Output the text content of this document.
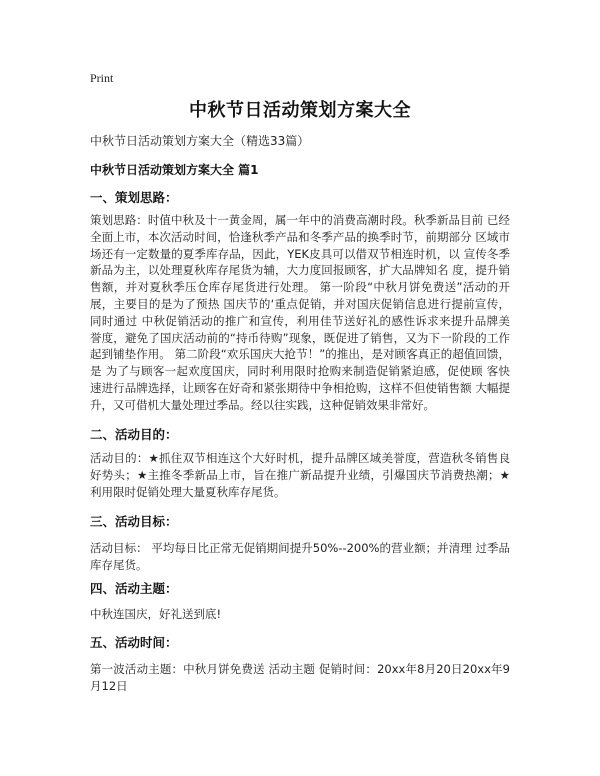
Print
中秋节日活动策划方案大全
中秋节日活动策划方案大全（精选33篇）
中秋节日活动策划方案大全 篇1
一、策划思路：
策划思路：时值中秋及十一黄金周，属一年中的消费高潮时段。秋季新品目前 已经全面上市，本次活动时间，恰逢秋季产品和冬季产品的换季时节，前期部分 区域市场还有一定数量的夏季库存品，因此，YEK皮具可以借双节相连时机，以 宣传冬季新品为主，以处理夏秋库存尾货为辅，大力度回报顾客，扩大品牌知名 度，提升销售额，并对夏秋季压仓库存尾货进行处理。 第一阶段“中秋月饼免费送”活动的开展，主要目的是为了预热 国庆节的‘重点促销，并对国庆促销信息进行提前宣传，同时通过 中秋促销活动的推广和宣传，利用佳节送好礼的感性诉求来提升品牌美 誉度，避免了国庆活动前的“持币待购”现象，既促进了销售，又为下一阶段的工作起到铺垫作用。 第二阶段“欢乐国庆大抢节！”的推出，是对顾客真正的超值回馈，是 为了与顾客一起欢度国庆，同时利用限时抢购来制造促销紧迫感，促使顾 客快速进行品牌选择，让顾客在好奇和紧张期待中争相抢购，这样不但使销售额 大幅提升，又可借机大量处理过季品。经以往实践，这种促销效果非常好。
二、活动目的：
活动目的：★抓住双节相连这个大好时机，提升品牌区域美誉度，营造秋冬销售良好势头；★主推冬季新品上市，旨在推广新品提升业绩，引爆国庆节消费热潮；★利用限时促销处理大量夏秋库存尾货。
三、活动目标：
活动目标： 平均每日比正常无促销期间提升50%--200%的营业额；并清理 过季品库存尾货。
四、活动主题：
中秋连国庆，好礼送到底!
五、活动时间：
第一波活动主题：中秋月饼免费送 活动主题 促销时间：20xx年8月20日20xx年9月12日
